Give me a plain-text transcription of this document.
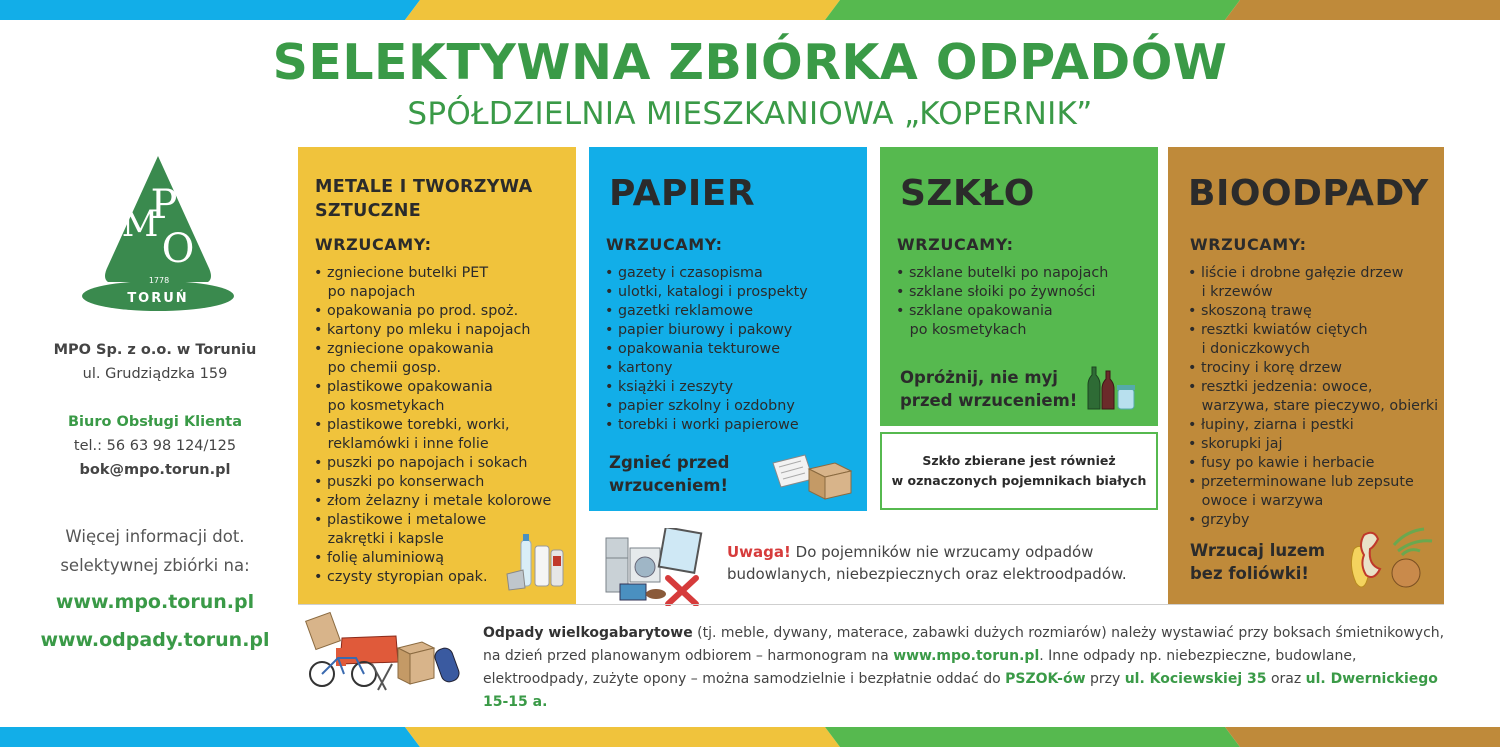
SELEKTYWNA ZBIÓRKA ODPADÓW
SPÓŁDZIELNIA MIESZKANIOWA „KOPERNIK”
M
P
O
1778
TORUŃ
MPO Sp. z o.o. w Toruniu
ul. Grudziądzka 159
Biuro Obsługi Klienta
tel.: 56 63 98 124/125
bok@mpo.torun.pl
Więcej informacji dot.
selektywnej zbiórki na:
www.mpo.torun.pl
www.odpady.torun.pl
METALE I TWORZYWA
SZTUCZNE
WRZUCAMY:
• zgniecione butelki PET
po napojach
• opakowania po prod. spoż.
• kartony po mleku i napojach
• zgniecione opakowania
po chemii gosp.
• plastikowe opakowania
po kosmetykach
• plastikowe torebki, worki,
reklamówki i inne folie
• puszki po napojach i sokach
• puszki po konserwach
• złom żelazny i metale kolorowe
• plastikowe i metalowe
zakrętki i kapsle
• folię aluminiową
• czysty styropian opak.
PAPIER
WRZUCAMY:
• gazety i czasopisma
• ulotki, katalogi i prospekty
• gazetki reklamowe
• papier biurowy i pakowy
• opakowania tekturowe
• kartony
• książki i zeszyty
• papier szkolny i ozdobny
• torebki i worki papierowe
Zgnieć przed
wrzuceniem!
SZKŁO
WRZUCAMY:
• szklane butelki po napojach
• szklane słoiki po żywności
• szklane opakowania
po kosmetykach
Opróżnij, nie myj
przed wrzuceniem!
Szkło zbierane jest również
w oznaczonych pojemnikach białych
BIOODPADY
WRZUCAMY:
• liście i drobne gałęzie drzew
i krzewów
• skoszoną trawę
• resztki kwiatów ciętych
i doniczkowych
• trociny i korę drzew
• resztki jedzenia: owoce,
warzywa, stare pieczywo, obierki
• łupiny, ziarna i pestki
• skorupki jaj
• fusy po kawie i herbacie
• przeterminowane lub zepsute
owoce i warzywa
• grzyby
Wrzucaj luzem
bez foliówki!
Uwaga! Do pojemników nie wrzucamy odpadów budowlanych, niebezpiecznych oraz elektroodpadów.
Odpady wielkogabarytowe (tj. meble, dywany, materace, zabawki dużych rozmiarów) należy wystawiać przy boksach śmietnikowych, na dzień przed planowanym odbiorem – harmonogram na www.mpo.torun.pl. Inne odpady np. niebezpieczne, budowlane, elektroodpady, zużyte opony – można samodzielnie i bezpłatnie oddać do PSZOK-ów przy ul. Kociewskiej 35 oraz ul. Dwernickiego 15-15 a.
